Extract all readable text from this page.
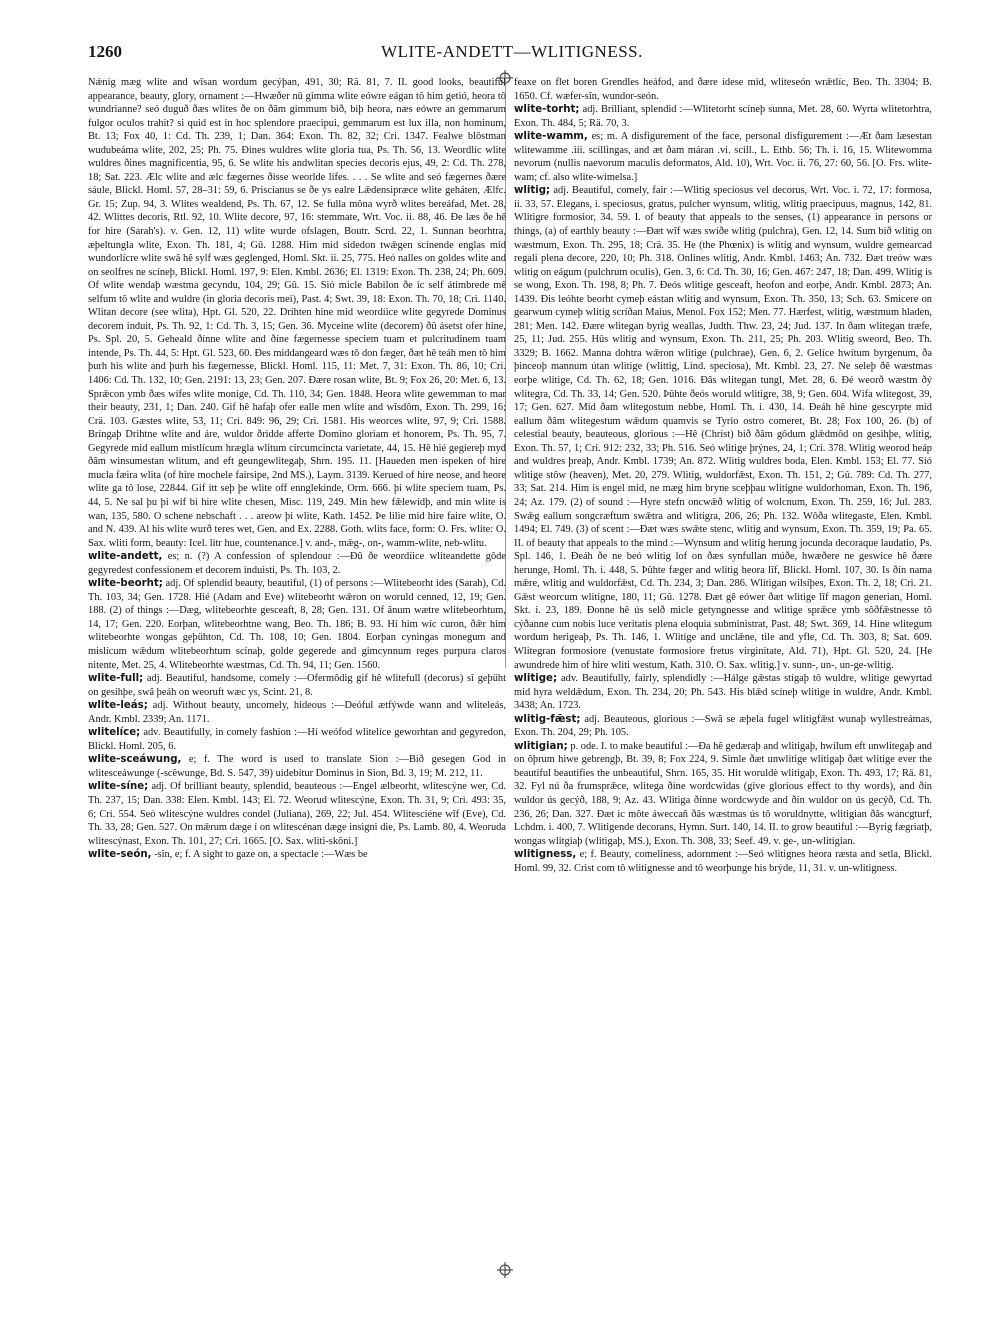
1260	WLITE-ANDETT—WLITIGNESS.

Nǽnig mæg wlite and wīsan wordum gecýþan, 491, 30; Rä. 81, 7. II. good looks, beautiful appearance, beauty, glory, ornament :—Hwæðer nū gimma wlite eówre eágan tô him getió, heora tô wundrianne? seó duguð ðæs wlites ðe on ðâm gimmum bið, biþ heora, næs eówre an gemmarum fulgor oculos trahit? si quid est in hoc splendore praecipui, gemmarum est lux illa, non hominum, Bt. 13; Fox 40, 1: Cd. Th. 239, 1; Dan. 364: Exon. Th. 82, 32; Cri. 1347. Fealwe blôstman wudubeáma wlite, 202, 25; Ph. 75. Ðines wuldres wlite gloria tua, Ps. Th. 56, 13. Weordlíc wlite wuldres ðines magnificentia, 95, 6. Se wlite his andwlitan species decoris ejus, 49, 2: Cd. Th. 278, 18; Sat. 223. Ælc wlite and ælc fægernes ðisse weorlde lífes. . . . Se wlite and seó fægernes ðære sáule, Blickl. Homl. 57, 28–31: 59, 6. Priscianus se ðe ys ealre Lǣdensipræce wlite geháten, Ælfc. Gr. 15; Zup. 94, 3. Wlites wealdend, Ps. Th. 67, 12. Se fulla môna wyrð wlites bereáfad, Met. 28, 42. Wlittes decoris, Rtl. 92, 10. Wlite decore, 97, 16: stemmate, Wrt. Voc. ii. 88, 46. Ðe læs ðe hê for hire (Sarah's). v. Gen. 12, 11) wlite wurde ofslagen, Boutr. Scrd. 22, 1. Sunnan beorhtra, æþeltungla wlite, Exon. Th. 181, 4; Gû. 1288. Him mid sídedon twǣgen scínende englas mid wundorlícre wlite swâ hê sylf wæs geglenged, Homl. Skt. ii. 25, 775. Heó nalles on goldes wlite and on seolfres ne scíneþ, Blickl. Homl. 197, 9: Elen. Kmbl. 2636; El. 1319: Exon. Th. 238, 24; Ph. 609. Of wlite wendaþ wæstma gecyndu, 104, 29; Gû. 15. Sió micle Babilon ðe ic self átimbrede mê selfum tô wlite and wuldre (in gloria decoris mei), Past. 4; Swt. 39, 18: Exon. Th. 70, 18; Cri. 1140. Wlitan decore (see wlita), Hpt. Gl. 520, 22. Drihten hine mid weordíice wlite gegyrede Dominus decorem induit, Ps. Th. 92, 1: Cd. Th. 3, 15; Gen. 36. Myceine wlite (decorem) ðû ásetst ofer hine, Ps. Spl. 20, 5. Geheald ðínne wlite and ðíne fægernesse speciem tuam et pulcritudinem tuam intende, Ps. Th. 44, 5: Hpt. Gl. 523, 60. Ðes middangeard wæs tô don fæger, ðæt hê teáh men tô him þurh his wlite and þurh his fægernesse, Blickl. Homl. 115, 11: Met. 7, 31: Exon. Th. 86, 10; Cri. 1406: Cd. Th. 132, 10; Gen. 2191: 13, 23; Gen. 207. Ðære rosan wlite, Bt. 9; Fox 26, 20: Met. 6, 13. Sprǣcon ymb ðæs wífes wlite monige, Cd. Th. 110, 34; Gen. 1848. Heora wlite gewemman to mar their beauty, 231, 1; Dan. 240. Gif hê hafaþ ofer ealle men wlite and wîsdôm, Exon. Th. 299, 16; Crä. 103. Gæstes wlite, 53, 11; Cri. 849: 96, 29; Cri. 1581. His weorces wlite, 97, 9; Cri. 1588. Bringaþ Drihtne wlite and áre, wuldor ðridde afferte Domino gloriam et honorem, Ps. Th. 95, 7. Gegyrede mid eallum mistlícum hrægla wlitum circumcincta varietate, 44, 15. Hê hié gegiereþ myd ðâm winsumestan wlitum, and eft geungewlitegaþ, Shrn. 195. 11. [Haueden men ispeken of hire mucla fæira wlita (of hire mochele fairsipe, 2nd MS.), Laym. 3139. Kerued of hire neose, and heore wlite ga tô lose, 22844. Gif itt seþ þe wlite off ennglekinde, Orm. 666. þi wlite speciem tuam, Ps. 44, 5. Ne sal þu þi wif bi hire wlite chesen, Misc. 119, 249. Min hew fǣlewidþ, and min wlite is wan, 135, 580. O schene nebschaft . . . areow þi wlite, Kath. 1452. Þe lilie mid hire faire wlite, O. and N. 439. Al his wlite wurð teres wet, Gen. and Ex. 2288. Goth. wlits face, form: O. Frs. wlite: O. Sax. wliti form, beauty: Icel. litr hue, countenance.] v. and-, mǣg-, on-, wamm-wlite, neb-wlitu.

wlite-andett, es; n. (?) A confession of splendour :—Ðû ðe weordíice wliteandette gôde gegyredest confessionem et decorem induisti, Ps. Th. 103, 2.

wlite-beorht; adj. Of splendid beauty, beautiful, (1) of persons :—Wlitebeorht ides (Sarah), Cd. Th. 103, 34; Gen. 1728. Hié (Adam and Eve) wlitebeorht wǣron on woruld cenned, 12, 19; Gen. 188. (2) of things :—Dæg, wlitebeorhte gesceaft, 8, 28; Gen. 131. Of ânum wætre wlitebeorhtum, 14, 17; Gen. 220. Eorþan, wlitebeorhtne wang, Beo. Th. 186; B. 93. Hí him wíc curon, ðǣr him wlitebeorhte wongas geþühton, Cd. Th. 108, 10; Gen. 1804. Eorþan cyningas monegum and mislícum wǣdum wlitebeorhtum scínaþ, golde gegerede and gimcynnum reges purpura claros nitente, Met. 25, 4. Wlitebeorhte wæstmas, Cd. Th. 94, 11; Gen. 1560.

wlite-full; adj. Beautiful, handsome, comely :—Ofermôdig gif hê wlitefull (decorus) sî geþüht on gesihþe, swâ þeáh on weoruft wæc ys, Scint. 21, 8.

wlite-leás; adj. Without beauty, uncomely, hideous :—Deóful ætfýwde wann and wliteleás, Andr. Kmbl. 2339; An. 1171.

wlitelíce; adv. Beautifully, in comely fashion :—Hí weófod wlitelíce geworhtan and gegyredon, Blickl. Homl. 205, 6.

wlite-sceáwung, e; f. The word is used to translate Sion :—Bið gesegen God in wlitesceáwunge (-scêwunge, Bd. S. 547, 39) uidebitur Dominus in Sion, Bd. 3, 19; M. 212, 11.

wlite-síne; adj. Of brilliant beauty, splendid, beauteous :—Engel ælbeorht, wlitescýne wer, Cd. Th. 237, 15; Dan. 338: Elen. Kmbl. 143; El. 72. Weorud wlitescýne, Exon. Th. 31, 9; Cri. 493: 35, 6; Cri. 554. Seó wlitescýne wuldres condel (Juliana), 269, 22; Jul. 454. Wlitesciéne wîf (Eve), Cd. Th. 33, 28; Gen. 527. On mǣrum dæge í on wlitescénan dæge insigni die, Ps. Lamb. 80, 4. Weoruda wlitescýnast, Exon. Th. 101, 27; Cri. 1665. [O. Sax. wliti-skôni.]

wlite-seón, -sîn, e; f. A sight to gaze on, a spectacle :—Wæs be

feaxe on flet boren Grendles heáfod, and ðære idese mid, wliteseón wrǣtlíc, Beo. Th. 3304; B. 1650. Cf. wæfer-sîn, wundor-seón.

wlite-torht; adj. Brilliant, splendid :—Wlitetorht scíneþ sunna, Met. 28, 60. Wyrta wlitetorhtra, Exon. Th. 484, 5; Rä. 70, 3.

wlite-wamm, es; m. A disfigurement of the face, personal disfigurement :—Æt ðam læsestan wlitewamme .iii. scillingas, and æt ðam máran .vi. scill., L. Ethb. 56; Th. i. 16, 15. Wlitewomma nevorum (nullis naevorum maculis deformatos, Ald. 10), Wrt. Voc. ii. 76, 27: 60, 56. [O. Frs. wlite-wam; cf. also wlite-wimelsa.]

wlitig; adj. Beautiful, comely, fair :—Wlitig speciosus vel decorus, Wrt. Voc. i. 72, 17: formosa, ii. 33, 57. Elegans, i. speciosus, gratus, pulcher wynsum, wlitig, wlitig praecipuus, magnus, 142, 81. Wlitigre formosior, 34. 59. I. of beauty that appeals to the senses, (1) appearance in persons or things, (a) of earthly beauty :—Ðæt wîf wæs swíðe wlitig (pulchra), Gen. 12, 14. Sum bið wlitig on wæstmum, Exon. Th. 295, 18; Crä. 35. He (the Phœnix) is wlitig and wynsum, wuldre gemearcad regali plena decore, 220, 10; Ph. 318. Onlìnes wlitig, Andr. Kmbl. 1463; An. 732. Ðæt treów wæs wlitig on eágum (pulchrum oculis), Gen. 3, 6: Cd. Th. 30, 16; Gen. 467: 247, 18; Dan. 499. Wlitig is se wong, Exon. Th. 198, 8; Ph. 7. Ðeós wlitige gesceaft, heofon and eorþe, Andr. Kmbl. 2873; An. 1439. Ðis leóhte beorht cymeþ eástan wlitig and wynsum, Exon. Th. 350, 13; Sch. 63. Smicere on gearwum cymeþ wlitig scríðan Maius, Menol. Fox 152; Men. 77. Hærfest, wlitig, wæstmum hladen, 281; Men. 142. Ðære wlitegan byrig weallas, Judth. Thw. 23, 24; Jud. 137. In ðam wlitegan træfe, 25, 11; Jud. 255. Hûs wlitig and wynsum, Exon. Th. 211, 25; Ph. 203. Wlitig sweord, Beo. Th. 3329; B. 1662. Manna dohtra wǣron wlitige (pulchrae), Gen. 6, 2. Gelíce hwítum byrgenum, ða þinceoþ mannum útan wlitige (wlittig, Lind. speciosa), Mt. Kmbl. 23, 27. Ne seleþ ðê wæstmas eorþe wlitige, Cd. Th. 62, 18; Gen. 1016. Ðâs wlitegan tungl, Met. 28, 6. Ðé weorð wæstm ðý wlitegra, Cd. Th. 33, 14; Gen. 520. Þûhte ðeós woruld wlitigre, 38, 9; Gen. 604. Wífa wlitegost, 39, 17; Gen. 627. Mid ðam wlitegostum nebbe, Homl. Th. i. 430, 14. Ðeáh hê hine gescyrpte mid eallum ðâm wlitegestum wǣdum quamvis se Tyrio ostro comeret, Bt. 28; Fox 100, 26. (b) of celestial beauty, beauteous, glorious :—Hê (Christ) bið ðâm gôdum glǣdmôd on gesihþe, wlitig, Exon. Th. 57, 1; Cri. 912: 232, 33; Ph. 516. Seó wlitige þrýnes, 24, 1; Cri. 378. Wlitig weorod heáp and wuldres þreaþ, Andr. Kmbl. 1739; An. 872. Wlitig wuldres boda, Elen. Kmbl. 153; El. 77. Sió wlitige stôw (heaven), Met. 20, 279. Wlitig, wuldorfǣst, Exon. Th. 151, 2; Gû. 789: Cd. Th. 277, 33; Sat. 214. Him is engel mid, ne mæg him bryne sceþþau wlitigne wuldorhoman, Exon. Th. 196, 24; Az. 179. (2) of sound :—Hyre stefn oncwǣð wlitig of wolcnum, Exon. Th. 259, 16; Jul. 283. Swǣg eallum songcræftum swǣtra and wlitigra, 206, 26; Ph. 132. Wôða wlitegaste, Elen. Kmbl. 1494; El. 749. (3) of scent :—Ðæt wæs swǣte stenc, wlitig and wynsum, Exon. Th. 359, 19; Pa. 65. II. of beauty that appeals to the mind :—Wynsum and wlitig herung jocunda decoraque laudatio, Ps. Spl. 146, 1. Ðeáh ðe ne beó wlitig lof on ðæs synfullan múðe, hwæðere ne geswice hê ðære herunge, Homl. Th. i. 448, 5. Þûhte fæger and wlitig heora lîf, Blickl. Homl. 107, 30. Is ðín nama mǣre, wlitig and wuldorfǣst, Cd. Th. 234, 3; Dan. 286. Wlitigan wilsíþes, Exon. Th. 2, 18; Cri. 21. Gǣst weorcum wlitigne, 180, 11; Gû. 1278. Ðæt gê eówer ðæt wlitige lîf magon generian, Homl. Skt. i. 23, 189. Ðonne hê ús selð micle getyngnesse and wlitige sprǣce ymb sôðfǣstnesse tô cýðanne cum nobis luce veritatis plena eloquia subministrat, Past. 48; Swt. 369, 14. Hine wlitegum wordum herigeaþ, Ps. Th. 146, 1. Wlitige and unclǣne, tile and yfle, Cd. Th. 303, 8; Sat. 609. Wlitegran formosiore (venustate formosiore fretus virginitate, Ald. 71), Hpt. Gl. 520, 24. [He awundrede him of hire wliti westum, Kath. 310. O. Sax. wlitig.] v. sunn-, un-, un-ge-wlitig.

wlitige; adv. Beautifully, fairly, splendidly :—Hálge gǣstas stígaþ tô wuldre, wlitige gewyrtad mid hyra weldǣdum, Exon. Th. 234, 20; Ph. 543. His blǣd scíneþ wlitige in wuldre, Andr. Kmbl. 3438; An. 1723.

wlitig-fǣst; adj. Beauteous, glorious :—Swâ se æþela fugel wlitigfǣst wunaþ wyllestreámas, Exon. Th. 204, 29; Ph. 105.

wlitigian; p. ode. I. to make beautiful :—Ða hê gedæraþ and wlitigaþ, hwílum eft unwlitegaþ and on ôþrum hiwe gebrengþ, Bt. 39, 8; Fox 224, 9. Simle ðæt unwlitige wlitigaþ ðæt wlitige ever the beautiful beautifies the unbeautiful, Shrn. 165, 35. Hit woruldè wlitigaþ, Exon. Th. 493, 17; Rä. 81, 32. Fyl nú ða frumsprǣce, wlitega ðíne wordcwidas (give glorious effect to thy words), and ðín wuldor ús gecýð, 188, 9; Az. 43. Wlitiga ðínne wordcwyde and ðín wuldor on ús gecýð, Cd. Th. 236, 26; Dan. 327. Ðæt ic môte áweccañ ðâs wæstmas ús tô woruldnytte, wlitigian ðâs wancgturf, Lchdm. i. 400, 7. Wlitigende decorans, Hymn. Surt. 140, 14. II. to grow beautiful :—Byrig fægriatþ, wongas wlitgiaþ (wlitigaþ, MS.), Exon. Th. 308, 33; Seef. 49. v. ge-, un-wlitigian.

wlitigness, e; f. Beauty, comeliness, adornment :—Seó wlitignes heora ræsta and setla, Blickl. Homl. 99, 32. Crist com tô wlitignesse and tô weorþunge his brýde, 11, 31. v. un-wlitigness.
